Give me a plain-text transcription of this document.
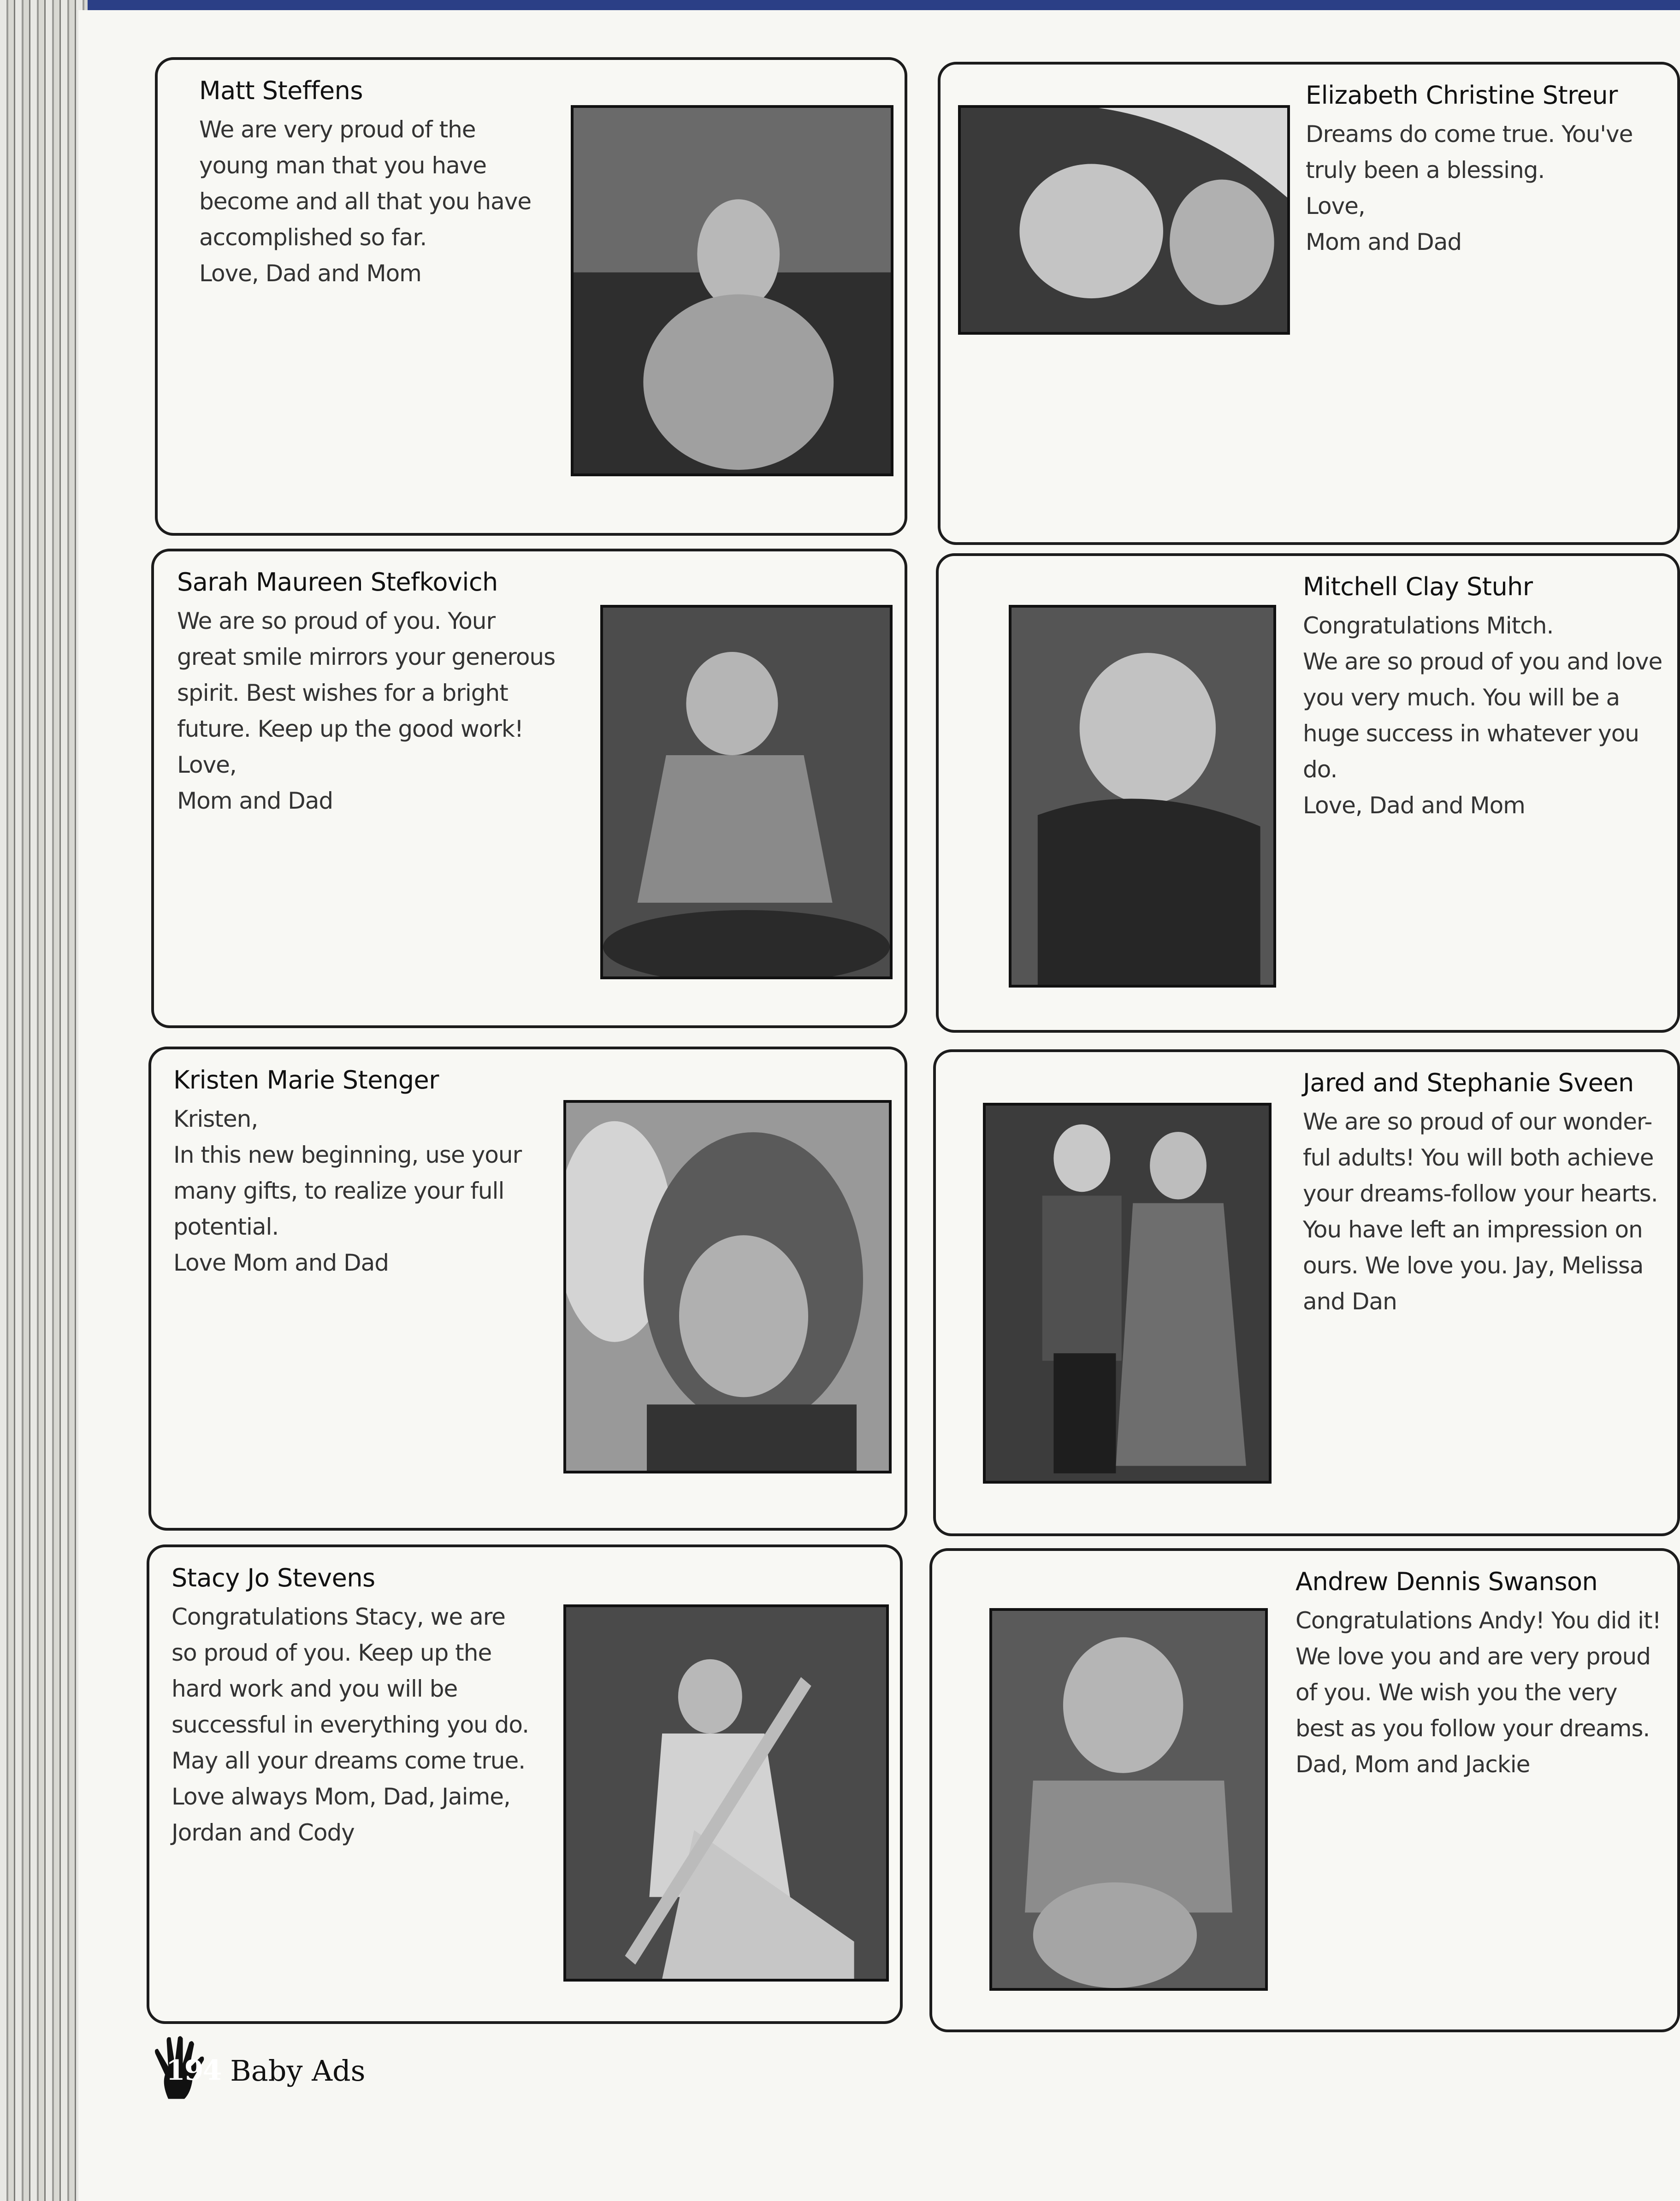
Matt Steffens
We are very proud of the
young man that you have
become and all that you have
accomplished so far.
Love, Dad and Mom
Elizabeth Christine Streur
Dreams do come true. You've
truly been a blessing.
Love,
Mom and Dad
Sarah Maureen Stefkovich
We are so proud of you. Your
great smile mirrors your generous
spirit. Best wishes for a bright
future. Keep up the good work!
Love,
Mom and Dad
Mitchell Clay Stuhr
Congratulations Mitch.
We are so proud of you and love
you very much. You will be a
huge success in whatever you do.
Love, Dad and Mom
Kristen Marie Stenger
Kristen,
In this new beginning, use your
many gifts, to realize your full
potential.
Love Mom and Dad
Jared and Stephanie Sveen
We are so proud of our wonder-
ful adults! You will both achieve
your dreams-follow your hearts.
You have left an impression on
ours. We love you. Jay, Melissa
and Dan
Stacy Jo Stevens
Congratulations Stacy, we are
so proud of you. Keep up the
hard work and you will be
successful in everything you do.
May all your dreams come true.
Love always Mom, Dad, Jaime,
Jordan and Cody
Andrew Dennis Swanson
Congratulations Andy! You did it!
We love you and are very proud
of you. We wish you the very
best as you follow your dreams.
Dad, Mom and Jackie
194 Baby Ads
